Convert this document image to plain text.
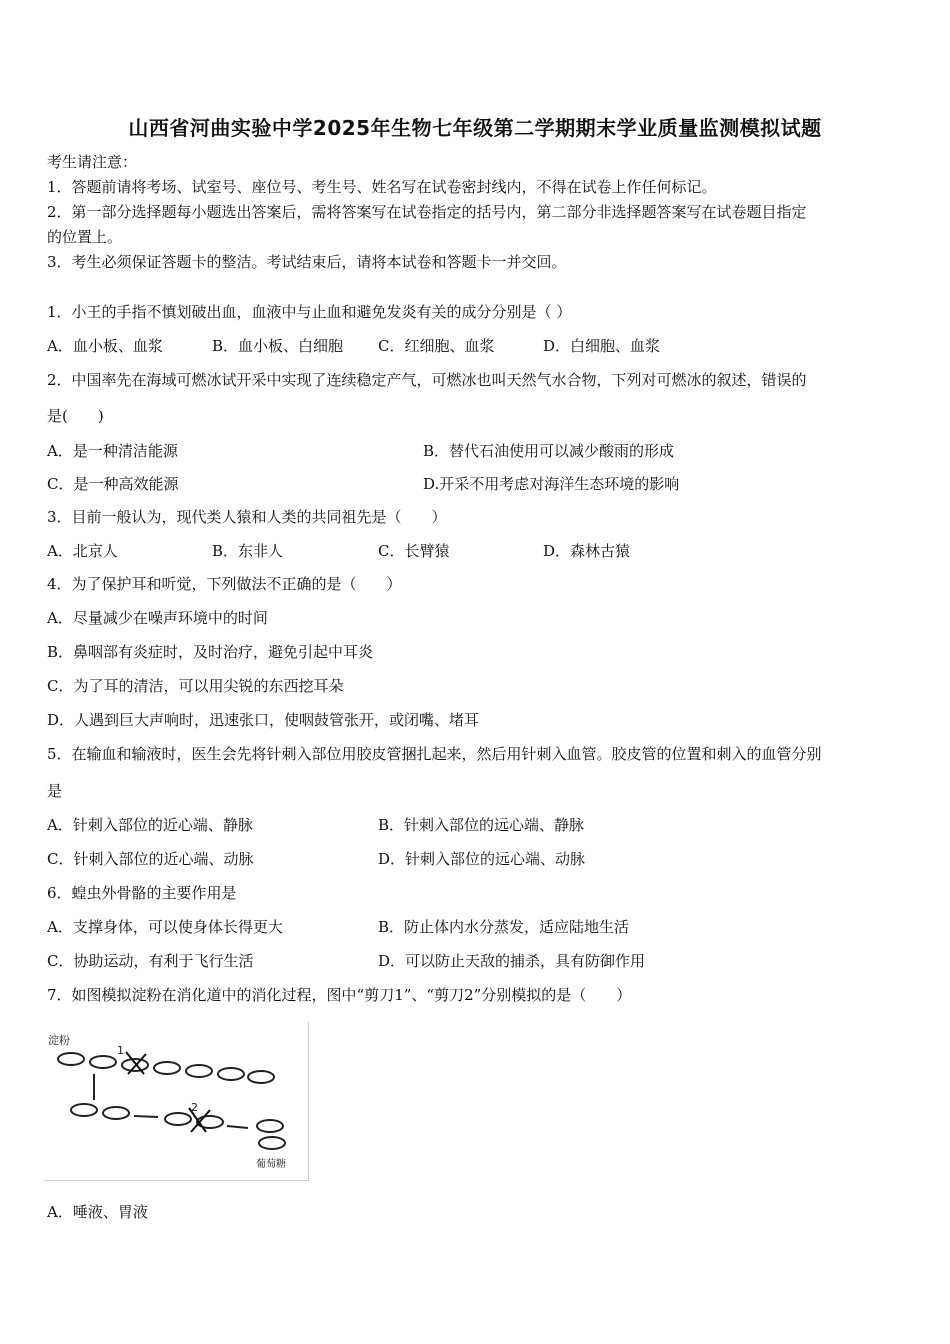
山西省河曲实验中学2025年生物七年级第二学期期末学业质量监测模拟试题
考生请注意：
1．答题前请将考场、试室号、座位号、考生号、姓名写在试卷密封线内，不得在试卷上作任何标记。
2．第一部分选择题每小题选出答案后，需将答案写在试卷指定的括号内，第二部分非选择题答案写在试卷题目指定
的位置上。
3．考生必须保证答题卡的整洁。考试结束后，请将本试卷和答题卡一并交回。
1．小王的手指不慎划破出血，血液中与止血和避免发炎有关的成分分别是（ ）
A．血小板、血浆	B．血小板、白细胞 C．红细胞、血浆	D．白细胞、血浆
2．中国率先在海域可燃冰试开采中实现了连续稳定产气，可燃冰也叫天然气水合物，下列对可燃冰的叙述，错误的
是(　　)
A．是一种清洁能源	B．替代石油使用可以减少酸雨的形成
C．是一种高效能源	D.开采不用考虑对海洋生态环境的影响
3．目前一般认为，现代类人猿和人类的共同祖先是（　　）
A．北京人	B．东非人	C．长臂猿	D．森林古猿
4．为了保护耳和听觉，下列做法不正确的是（　　）
A．尽量减少在噪声环境中的时间
B．鼻咽部有炎症时，及时治疗，避免引起中耳炎
C．为了耳的清洁，可以用尖锐的东西挖耳朵
D．人遇到巨大声响时，迅速张口，使咽鼓管张开，或闭嘴、堵耳
5．在输血和输液时，医生会先将针刺入部位用胶皮管捆扎起来，然后用针刺入血管。胶皮管的位置和刺入的血管分别
是
A．针刺入部位的近心端、静脉	B．针刺入部位的远心端、静脉
C．针刺入部位的近心端、动脉	D．针刺入部位的远心端、动脉
6．蝗虫外骨骼的主要作用是
A．支撑身体，可以使身体长得更大	B．防止体内水分蒸发，适应陆地生活
C．协助运动，有利于飞行生活	D．可以防止天敌的捕杀，具有防御作用
7．如图模拟淀粉在消化道中的消化过程，图中“剪刀1”、“剪刀2”分别模拟的是（　　）
淀粉
1
2
葡萄糖
A．唾液、胃液
